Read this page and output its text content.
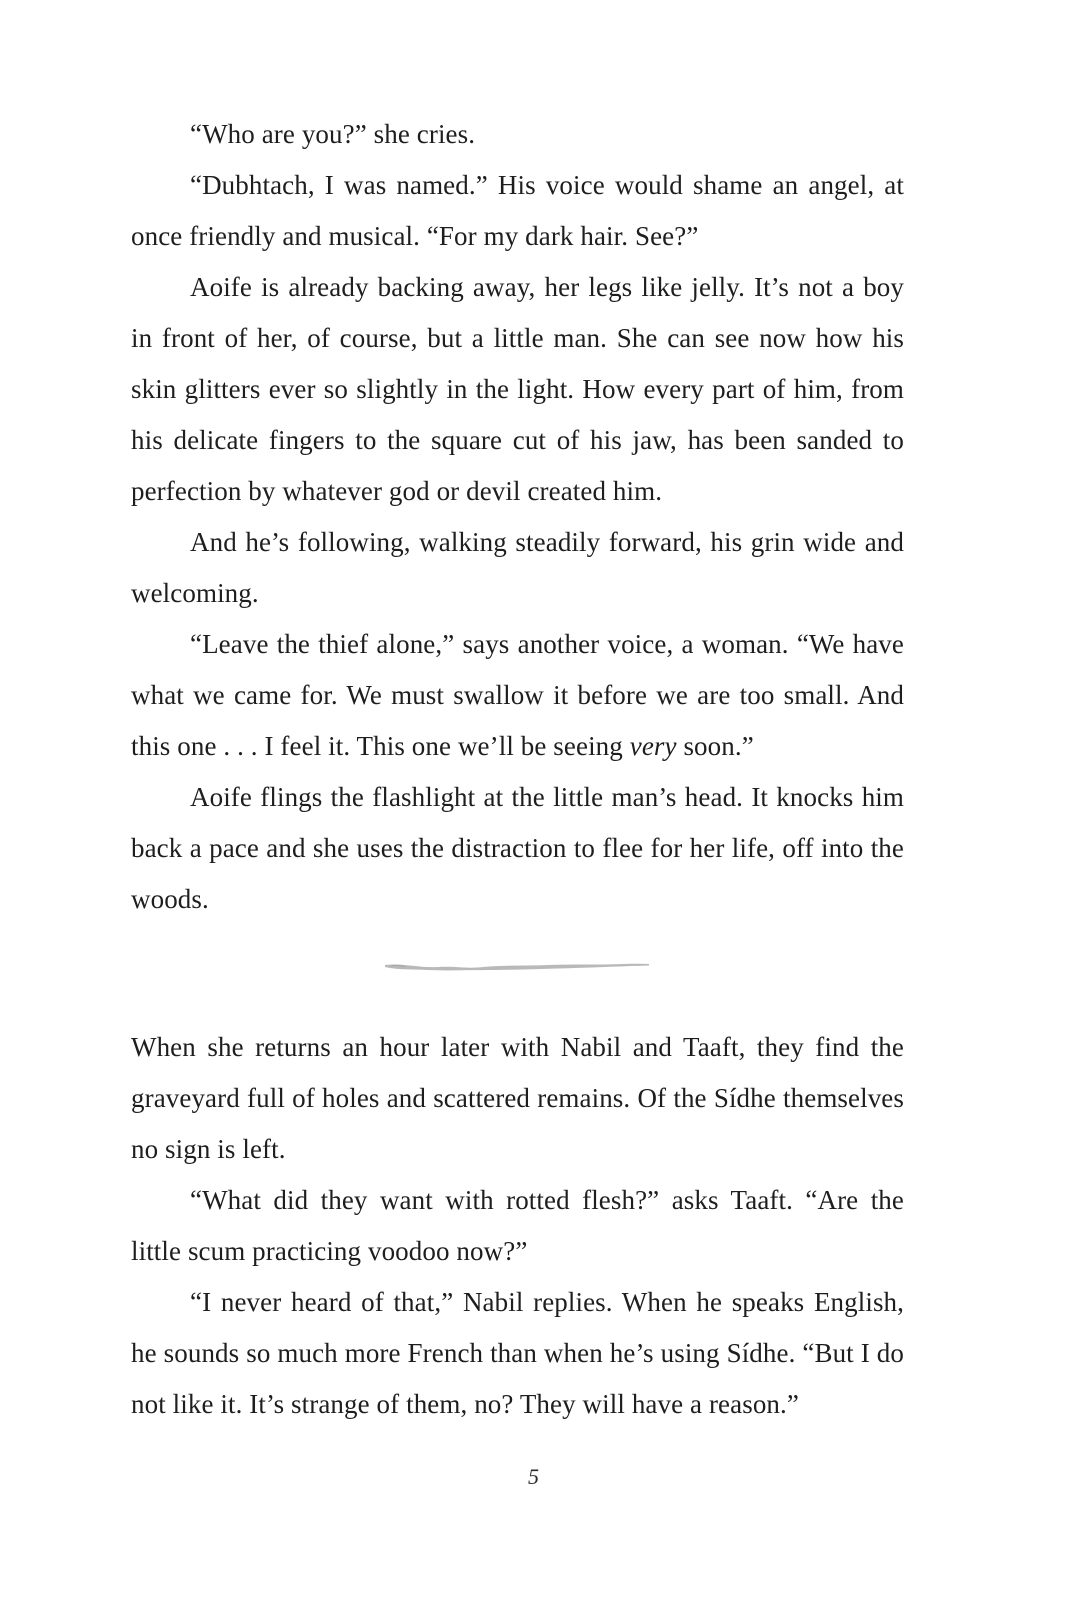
“Who are you?” she cries.

“Dubhtach, I was named.” His voice would shame an angel, at once friendly and musical. “For my dark hair. See?”

Aoife is already backing away, her legs like jelly. It’s not a boy in front of her, of course, but a little man. She can see now how his skin glitters ever so slightly in the light. How every part of him, from his delicate fingers to the square cut of his jaw, has been sanded to perfection by whatever god or devil created him.

And he’s following, walking steadily forward, his grin wide and welcoming.

“Leave the thief alone,” says another voice, a woman. “We have what we came for. We must swallow it before we are too small. And this one . . . I feel it. This one we’ll be seeing very soon.”

Aoife flings the flashlight at the little man’s head. It knocks him back a pace and she uses the distraction to flee for her life, off into the woods.

When she returns an hour later with Nabil and Taaft, they find the graveyard full of holes and scattered remains. Of the Sídhe themselves no sign is left.

“What did they want with rotted flesh?” asks Taaft. “Are the little scum practicing voodoo now?”

“I never heard of that,” Nabil replies. When he speaks English, he sounds so much more French than when he’s using Sídhe. “But I do not like it. It’s strange of them, no? They will have a reason.”

5
